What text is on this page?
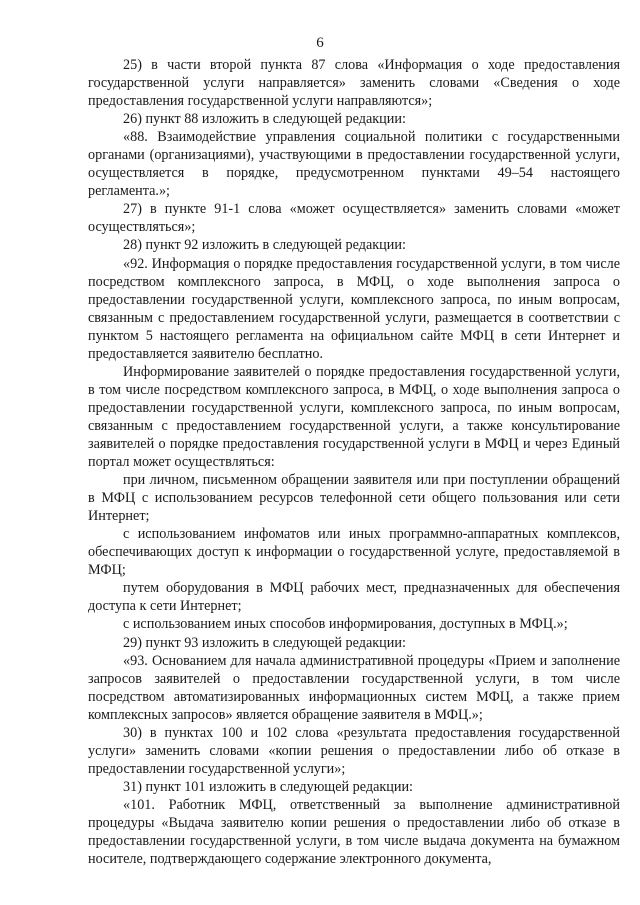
6

25) в части второй пункта 87 слова «Информация о ходе предоставления государственной услуги направляется» заменить словами «Сведения о ходе предоставления государственной услуги направляются»;

26) пункт 88 изложить в следующей редакции:

«88. Взаимодействие управления социальной политики с государственными органами (организациями), участвующими в предоставлении государственной услуги, осуществляется в порядке, предусмотренном пунктами 49–54 настоящего регламента.»;

27) в пункте 91-1 слова «может осуществляется» заменить словами «может осуществляться»;

28) пункт 92 изложить в следующей редакции:

«92. Информация о порядке предоставления государственной услуги, в том числе посредством комплексного запроса, в МФЦ, о ходе выполнения запроса о предоставлении государственной услуги, комплексного запроса, по иным вопросам, связанным с предоставлением государственной услуги, размещается в соответствии с пунктом 5 настоящего регламента на официальном сайте МФЦ в сети Интернет и предоставляется заявителю бесплатно.

Информирование заявителей о порядке предоставления государственной услуги, в том числе посредством комплексного запроса, в МФЦ, о ходе выполнения запроса о предоставлении государственной услуги, комплексного запроса, по иным вопросам, связанным с предоставлением государственной услуги, а также консультирование заявителей о порядке предоставления государственной услуги в МФЦ и через Единый портал может осуществляться:

при личном, письменном обращении заявителя или при поступлении обращений в МФЦ с использованием ресурсов телефонной сети общего пользования или сети Интернет;

с использованием инфоматов или иных программно-аппаратных комплексов, обеспечивающих доступ к информации о государственной услуге, предоставляемой в МФЦ;

путем оборудования в МФЦ рабочих мест, предназначенных для обеспечения доступа к сети Интернет;

с использованием иных способов информирования, доступных в МФЦ.»;

29) пункт 93 изложить в следующей редакции:

«93. Основанием для начала административной процедуры «Прием и заполнение запросов заявителей о предоставлении государственной услуги, в том числе посредством автоматизированных информационных систем МФЦ, а также прием комплексных запросов» является обращение заявителя в МФЦ.»;

30) в пунктах 100 и 102 слова «результата предоставления государственной услуги» заменить словами «копии решения о предоставлении либо об отказе в предоставлении государственной услуги»;

31) пункт 101 изложить в следующей редакции:

«101. Работник МФЦ, ответственный за выполнение административной процедуры «Выдача заявителю копии решения о предоставлении либо об отказе в предоставлении государственной услуги, в том числе выдача документа на бумажном носителе, подтверждающего содержание электронного документа,
